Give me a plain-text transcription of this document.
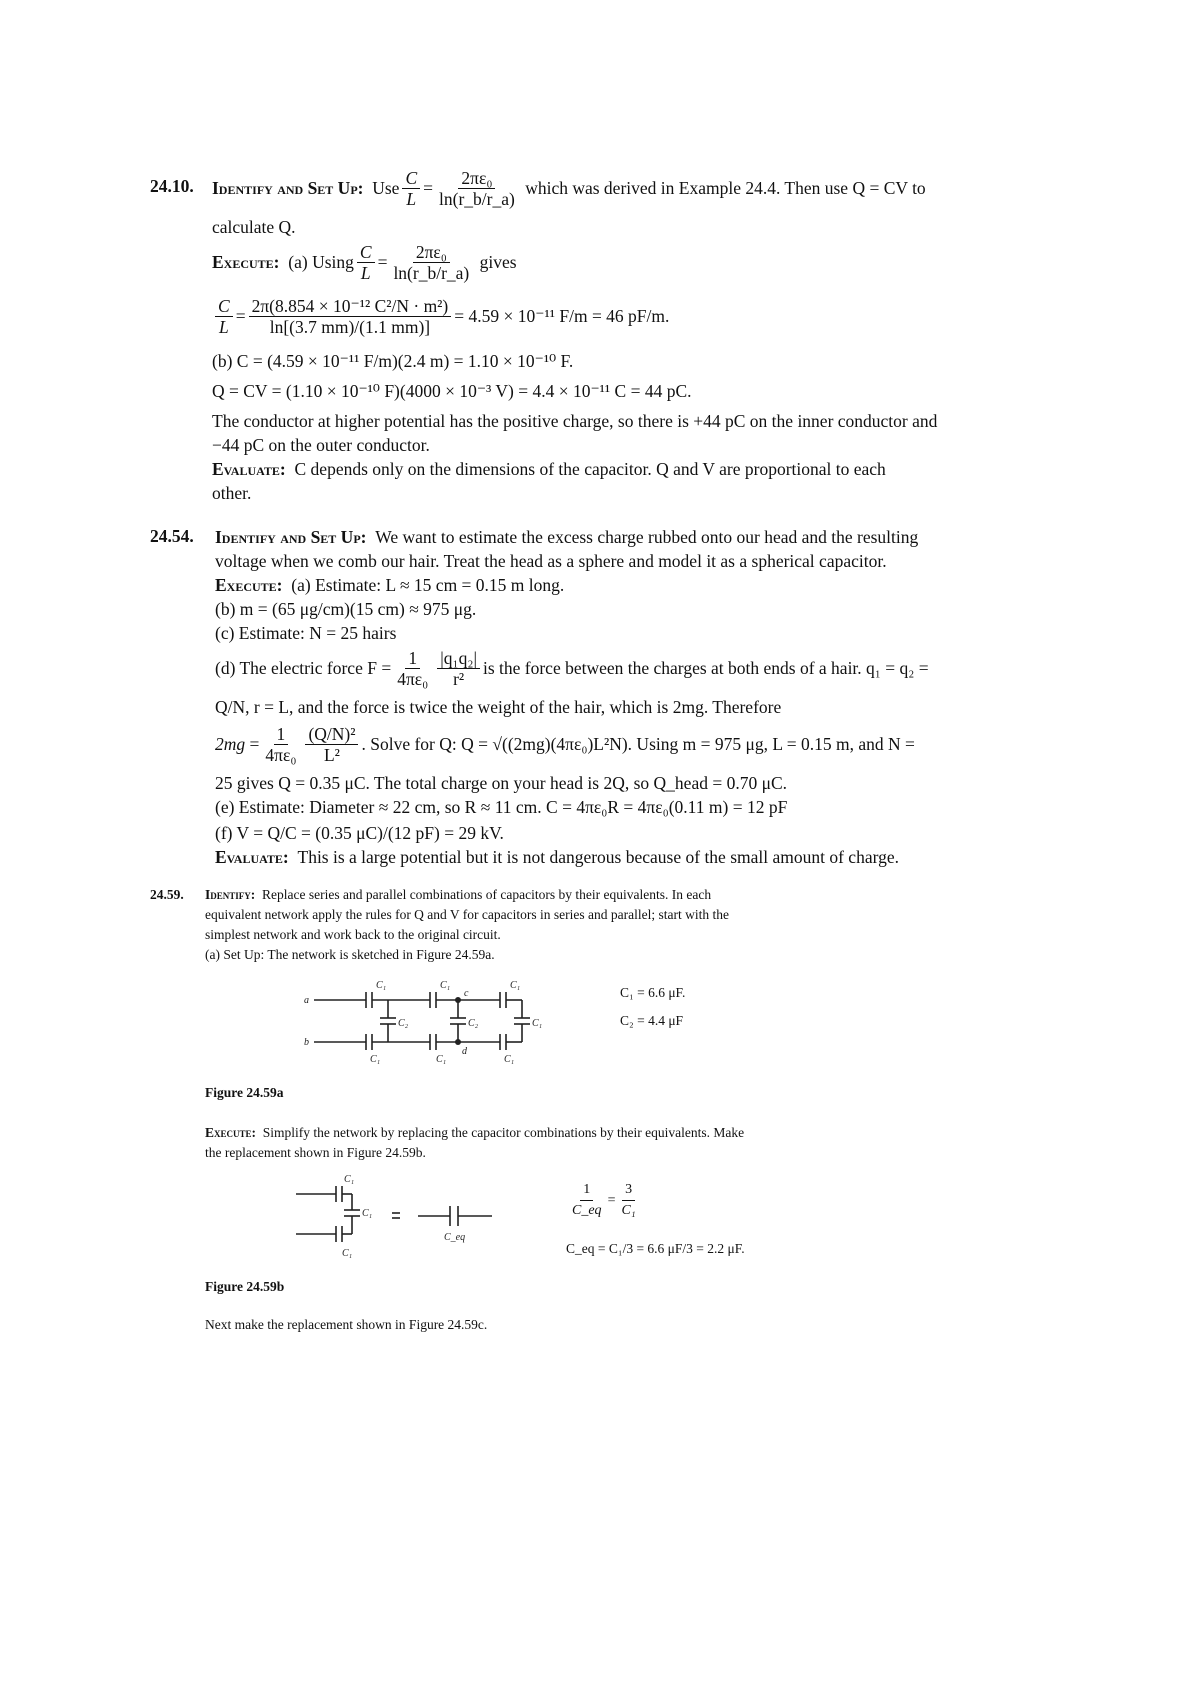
24.10. Identify and Set Up:
Use $\frac{C}{L} = \frac{\text{2πε₀}}{\ln(r\_b/r\_a)}$
which was derived in Example 24.4. Then use Q = CV to
calculate Q.
Execute:
(a) Using $\frac{C}{L} = \frac{\text{2πε₀}}{\ln(r\_b/r\_a)}$
gives
$\frac{C}{L} = \frac{\text{2π(8.854 × 10⁻¹² C²/N · m²)}}{\ln[(3.7 mm)/(1.1 mm)]} = 4.59 \times 10^{-11}$ F/m = 46 pF/m.
(b) C = (4.59 × 10⁻¹¹ F/m)(2.4 m) = 1.10 × 10⁻¹⁰ F.
Q = CV = (1.10 × 10⁻¹⁰ F)(4000 × 10⁻³ V) = 4.4 × 10⁻¹¹ C = 44 pC.
The conductor at higher potential has the positive charge, so there is +44 pC on the inner conductor and
−44 pC on the outer conductor.
Evaluate: C depends only on the dimensions of the capacitor. Q and V are proportional to each
other.
24.54. Identify and Set Up: We want to estimate the excess charge rubbed onto our head and the resulting
voltage when we comb our hair. Treat the head as a sphere and model it as a spherical capacitor.
Execute: (a) Estimate: L ≈ 15 cm = 0.15 m long.
(b) m = (65 μg/cm)(15 cm) ≈ 975 μg.
(c) Estimate: N = 25 hairs
(d) The electric force $F = \frac{1}{\text{4πε₀}} \frac{\text{|q₁q₂|}}{\text{r²}}$ is the force between the charges at both ends of a hair. q₁ = q₂ =
Q/N, r = L, and the force is twice the weight of the hair, which is 2mg. Therefore
$2mg = \frac{1}{\text{4πε₀}} \frac{\text{(Q/N)²}}{\text{L²}}$ . Solve for Q: Q = √((2mg)(4πε₀)L²N). Using m = 975 μg, L = 0.15 m, and N =
25 gives Q = 0.35 μC. The total charge on your head is 2Q, so Q_head = 0.70 μC.
(e) Estimate: Diameter ≈ 22 cm, so R ≈ 11 cm. C = 4πε₀R = 4πε₀(0.11 m) = 12 pF
(f) V = Q/C = (0.35 μC)/(12 pF) = 29 kV.
Evaluate: This is a large potential but it is not dangerous because of the small amount of charge.
24.59. Identify: Replace series and parallel combinations of capacitors by their equivalents. In each
equivalent network apply the rules for Q and V for capacitors in series and parallel; start with the
simplest network and work back to the original circuit.
(a) Set Up: The network is sketched in Figure 24.59a.
a
b
C₁	C₁
c
C₁
C₂	C₂	C₁
C₁	C₁
d
C₁
C₁ = 6.6 μF.
C₂ = 4.4 μF
Figure 24.59a
Execute: Simplify the network by replacing the capacitor combinations by their equivalents. Make
the replacement shown in Figure 24.59b.
C₁
C₁
C₁
C_eq
$\frac{1}{C\_eq} = \frac{3}{\text{C₁}}$
C_eq = C₁/3 = 6.6 μF/3 = 2.2 μF.
Figure 24.59b
Next make the replacement shown in Figure 24.59c.
